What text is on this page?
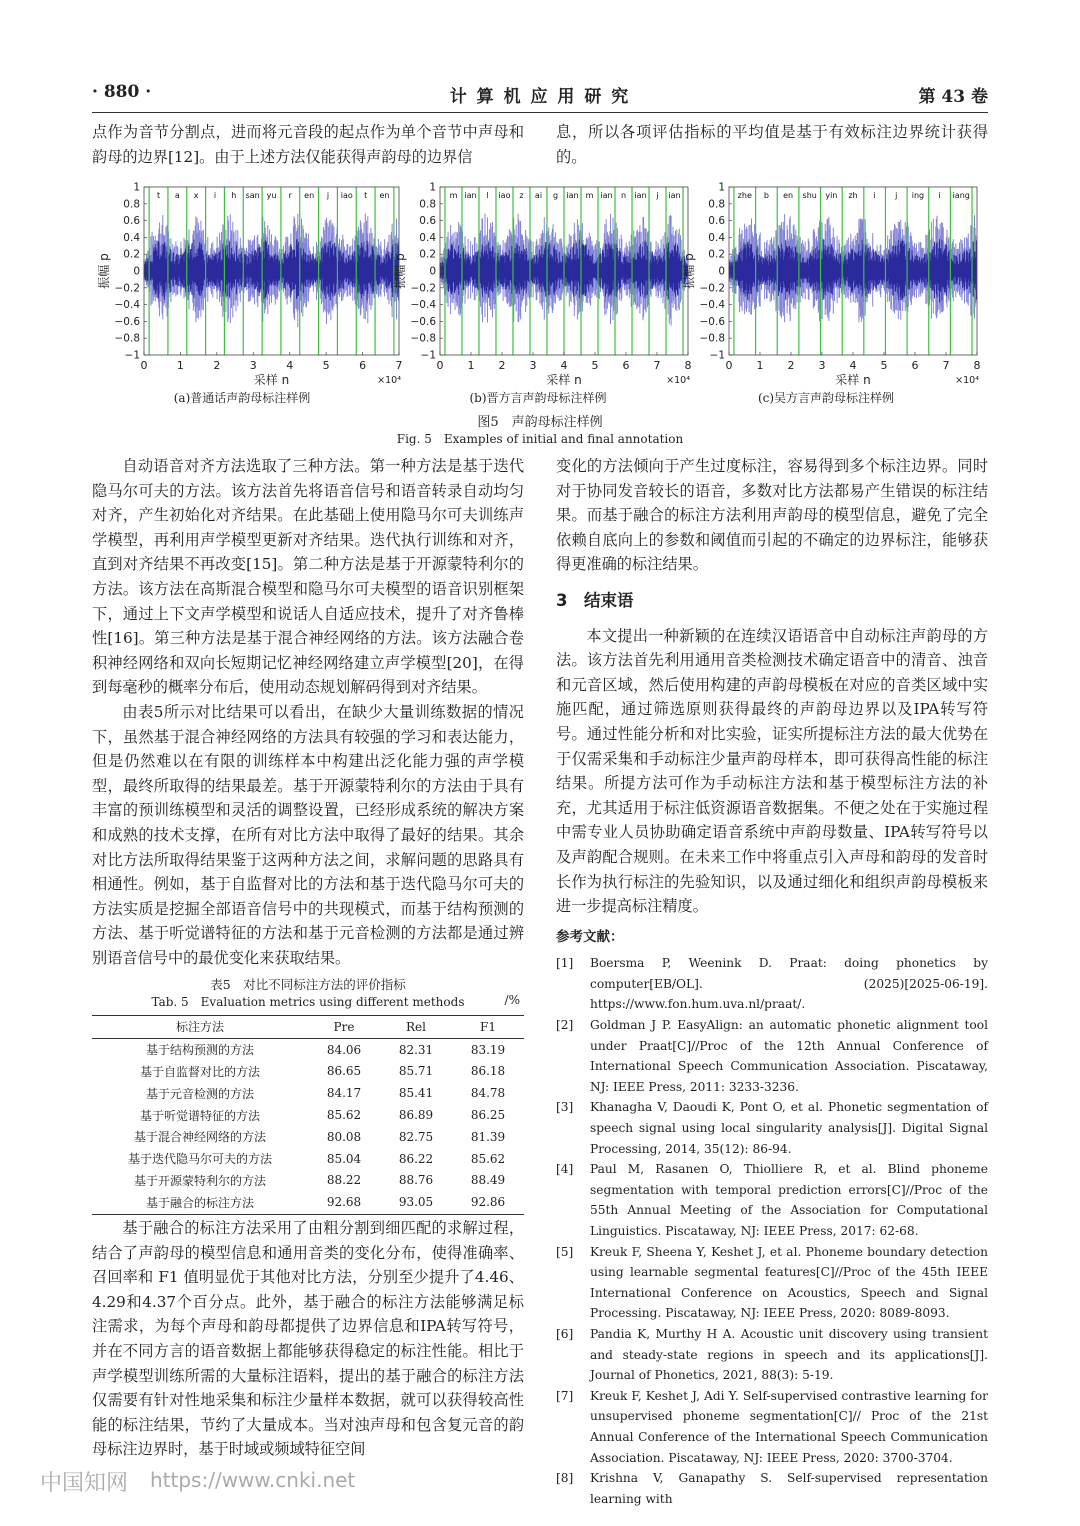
· 880 ·	计 算 机 应 用 研 究	第 43 卷

点作为音节分割点，进而将元音段的起点作为单个音节中声母和韵母的边界[12]。由于上述方法仅能获得声韵母的边界信

息，所以各项评估指标的平均值是基于有效标注边界统计获得的。

t a x i h san yu r en j iao t en
1
0.8
0.6
0.4
0.2
0
−0.2
−0.4
−0.6
−0.8
−1
振幅 p
0	1	2	3	4	5	6	7
×10⁴
采样 n
m ian l iao z ai g ian m ian n ian j ian
1
0.8
0.6
0.4
0.2
0
−0.2
−0.4
−0.6
−0.8
−1
振幅 p
0 1 2 3 4 5 6 7 8
×10⁴
采样 n
zhe b en shu yin zh i j ing i iang
1
0.8
0.6
0.4
0.2
0
−0.2
−0.4
−0.6
−0.8
−1
振幅 p
0 1 2 3 4 5 6 7 8
×10⁴
采样 n
(a)普通话声韵母标注样例	(b)晋方言声韵母标注样例	(c)吴方言声韵母标注样例
图5　声韵母标注样例
Fig. 5　Examples of initial and final annotation

自动语音对齐方法选取了三种方法。第一种方法是基于迭代隐马尔可夫的方法。该方法首先将语音信号和语音转录自动均匀对齐，产生初始化对齐结果。在此基础上使用隐马尔可夫训练声学模型，再利用声学模型更新对齐结果。迭代执行训练和对齐，直到对齐结果不再改变[15]。第二种方法是基于开源蒙特利尔的方法。该方法在高斯混合模型和隐马尔可夫模型的语音识别框架下，通过上下文声学模型和说话人自适应技术，提升了对齐鲁棒性[16]。第三种方法是基于混合神经网络的方法。该方法融合卷积神经网络和双向长短期记忆神经网络建立声学模型[20]，在得到每毫秒的概率分布后，使用动态规划解码得到对齐结果。

由表5所示对比结果可以看出，在缺少大量训练数据的情况下，虽然基于混合神经网络的方法具有较强的学习和表达能力，但是仍然难以在有限的训练样本中构建出泛化能力强的声学模型，最终所取得的结果最差。基于开源蒙特利尔的方法由于具有丰富的预训练模型和灵活的调整设置，已经形成系统的解决方案和成熟的技术支撑，在所有对比方法中取得了最好的结果。其余对比方法所取得结果鉴于这两种方法之间，求解问题的思路具有相通性。例如，基于自监督对比的方法和基于迭代隐马尔可夫的方法实质是挖掘全部语音信号中的共现模式，而基于结构预测的方法、基于听觉谱特征的方法和基于元音检测的方法都是通过辨别语音信号中的最优变化来获取结果。

表5　对比不同标注方法的评价指标
Tab. 5　Evaluation metrics using different methods	/%
标注方法	Pre	Rel	F1
基于结构预测的方法	84.06	82.31	83.19
基于自监督对比的方法	86.65	85.71	86.18
基于元音检测的方法	84.17	85.41	84.78
基于听觉谱特征的方法	85.62	86.89	86.25
基于混合神经网络的方法	80.08	82.75	81.39
基于迭代隐马尔可夫的方法	85.04	86.22	85.62
基于开源蒙特利尔的方法	88.22	88.76	88.49
基于融合的标注方法	92.68	93.05	92.86

基于融合的标注方法采用了由粗分割到细匹配的求解过程，结合了声韵母的模型信息和通用音类的变化分布，使得准确率、召回率和 F1 值明显优于其他对比方法，分别至少提升了4.46、4.29和4.37个百分点。此外，基于融合的标注方法能够满足标注需求，为每个声母和韵母都提供了边界信息和IPA转写符号，并在不同方言的语音数据上都能够获得稳定的标注性能。相比于声学模型训练所需的大量标注语料，提出的基于融合的标注方法仅需要有针对性地采集和标注少量样本数据，就可以获得较高性能的标注结果，节约了大量成本。当对浊声母和包含复元音的韵母标注边界时，基于时域或频域特征空间

变化的方法倾向于产生过度标注，容易得到多个标注边界。同时对于协同发音较长的语音，多数对比方法都易产生错误的标注结果。而基于融合的标注方法利用声韵母的模型信息，避免了完全依赖自底向上的参数和阈值而引起的不确定的边界标注，能够获得更准确的标注结果。

3　结束语

本文提出一种新颖的在连续汉语语音中自动标注声韵母的方法。该方法首先利用通用音类检测技术确定语音中的清音、浊音和元音区域，然后使用构建的声韵母模板在对应的音类区域中实施匹配，通过筛选原则获得最终的声韵母边界以及IPA转写符号。通过性能分析和对比实验，证实所提标注方法的最大优势在于仅需采集和手动标注少量声韵母样本，即可获得高性能的标注结果。所提方法可作为手动标注方法和基于模型标注方法的补充，尤其适用于标注低资源语音数据集。不便之处在于实施过程中需专业人员协助确定语音系统中声韵母数量、IPA转写符号以及声韵配合规则。在未来工作中将重点引入声母和韵母的发音时长作为执行标注的先验知识，以及通过细化和组织声韵母模板来进一步提高标注精度。

参考文献：
[1]	Boersma P, Weenink D. Praat: doing phonetics by computer[EB/OL]. (2025)[2025-06-19]. https://www.fon.hum.uva.nl/praat/.
[2]	Goldman J P. EasyAlign: an automatic phonetic alignment tool under Praat[C]//Proc of the 12th Annual Conference of International Speech Communication Association. Piscataway, NJ: IEEE Press, 2011: 3233-3236.
[3]	Khanagha V, Daoudi K, Pont O, et al. Phonetic segmentation of speech signal using local singularity analysis[J]. Digital Signal Processing, 2014, 35(12): 86-94.
[4]	Paul M, Rasanen O, Thiolliere R, et al. Blind phoneme segmentation with temporal prediction errors[C]//Proc of the 55th Annual Meeting of the Association for Computational Linguistics. Piscataway, NJ: IEEE Press, 2017: 62-68.
[5]	Kreuk F, Sheena Y, Keshet J, et al. Phoneme boundary detection using learnable segmental features[C]//Proc of the 45th IEEE International Conference on Acoustics, Speech and Signal Processing. Piscataway, NJ: IEEE Press, 2020: 8089-8093.
[6]	Pandia K, Murthy H A. Acoustic unit discovery using transient and steady-state regions in speech and its applications[J]. Journal of Phonetics, 2021, 88(3): 5-19.
[7]	Kreuk F, Keshet J, Adi Y. Self-supervised contrastive learning for unsupervised phoneme segmentation[C]// Proc of the 21st Annual Conference of the International Speech Communication Association. Piscataway, NJ: IEEE Press, 2020: 3700-3704.
[8]	Krishna V, Ganapathy S. Self-supervised representation learning with
中国知网 https://www.cnki.net
